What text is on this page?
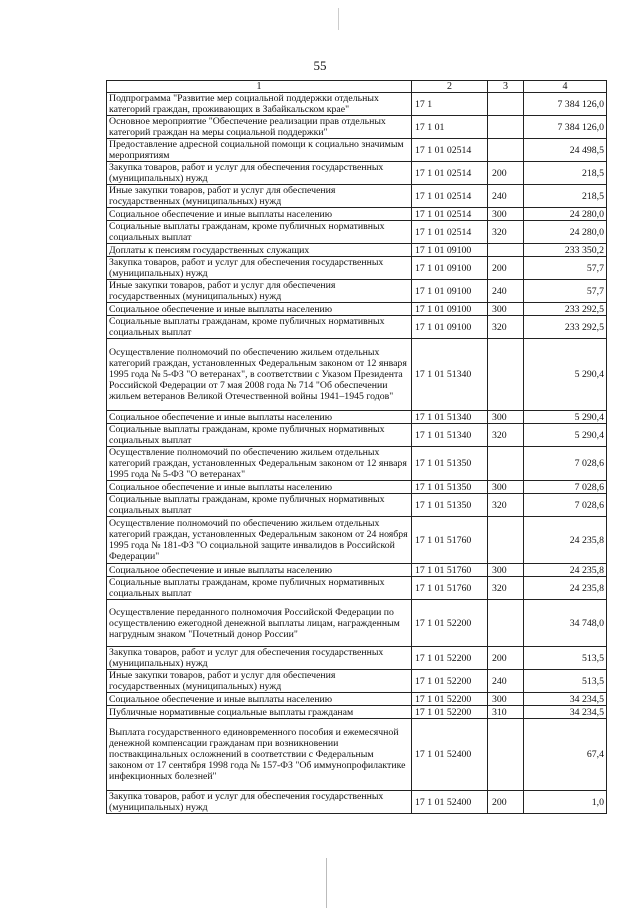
55
1	2	3	4
Подпрограмма "Развитие мер социальной поддержки отдельных категорий граждан, проживающих в Забайкальском крае"	17 1		7 384 126,0
Основное мероприятие "Обеспечение реализации прав отдельных категорий граждан на меры социальной поддержки"	17 1 01		7 384 126,0
Предоставление адресной социальной помощи к социально значимым мероприятиям	17 1 01 02514		24 498,5
Закупка товаров, работ и услуг для обеспечения государственных (муниципальных) нужд	17 1 01 02514	200	218,5
Иные закупки товаров, работ и услуг для обеспечения государственных (муниципальных) нужд	17 1 01 02514	240	218,5
Социальное обеспечение и иные выплаты населению	17 1 01 02514	300	24 280,0
Социальные выплаты гражданам, кроме публичных нормативных социальных выплат	17 1 01 02514	320	24 280,0
Доплаты к пенсиям государственных служащих	17 1 01 09100		233 350,2
Закупка товаров, работ и услуг для обеспечения государственных (муниципальных) нужд	17 1 01 09100	200	57,7
Иные закупки товаров, работ и услуг для обеспечения государственных (муниципальных) нужд	17 1 01 09100	240	57,7
Социальное обеспечение и иные выплаты населению	17 1 01 09100	300	233 292,5
Социальные выплаты гражданам, кроме публичных нормативных социальных выплат	17 1 01 09100	320	233 292,5
Осуществление полномочий по обеспечению жильем отдельных категорий граждан, установленных Федеральным законом от 12 января 1995 года № 5-ФЗ "О ветеранах", в соответствии с Указом Президента Российской Федерации от 7 мая 2008 года № 714 "Об обеспечении жильем ветеранов Великой Отечественной войны 1941–1945 годов"	17 1 01 51340		5 290,4
Социальное обеспечение и иные выплаты населению	17 1 01 51340	300	5 290,4
Социальные выплаты гражданам, кроме публичных нормативных социальных выплат	17 1 01 51340	320	5 290,4
Осуществление полномочий по обеспечению жильем отдельных категорий граждан, установленных Федеральным законом от 12 января 1995 года № 5-ФЗ "О ветеранах"	17 1 01 51350		7 028,6
Социальное обеспечение и иные выплаты населению	17 1 01 51350	300	7 028,6
Социальные выплаты гражданам, кроме публичных нормативных социальных выплат	17 1 01 51350	320	7 028,6
Осуществление полномочий по обеспечению жильем отдельных категорий граждан, установленных Федеральным законом от 24 ноября 1995 года № 181-ФЗ "О социальной защите инвалидов в Российской Федерации"	17 1 01 51760		24 235,8
Социальное обеспечение и иные выплаты населению	17 1 01 51760	300	24 235,8
Социальные выплаты гражданам, кроме публичных нормативных социальных выплат	17 1 01 51760	320	24 235,8
Осуществление переданного полномочия Российской Федерации по осуществлению ежегодной денежной выплаты лицам, награжденным нагрудным знаком "Почетный донор России"	17 1 01 52200		34 748,0
Закупка товаров, работ и услуг для обеспечения государственных (муниципальных) нужд	17 1 01 52200	200	513,5
Иные закупки товаров, работ и услуг для обеспечения государственных (муниципальных) нужд	17 1 01 52200	240	513,5
Социальное обеспечение и иные выплаты населению	17 1 01 52200	300	34 234,5
Публичные нормативные социальные выплаты гражданам	17 1 01 52200	310	34 234,5
Выплата государственного единовременного пособия и ежемесячной денежной компенсации гражданам при возникновении поствакцинальных осложнений в соответствии с Федеральным законом от 17 сентября 1998 года № 157-ФЗ "Об иммунопрофилактике инфекционных болезней"	17 1 01 52400		67,4
Закупка товаров, работ и услуг для обеспечения государственных (муниципальных) нужд	17 1 01 52400	200	1,0
